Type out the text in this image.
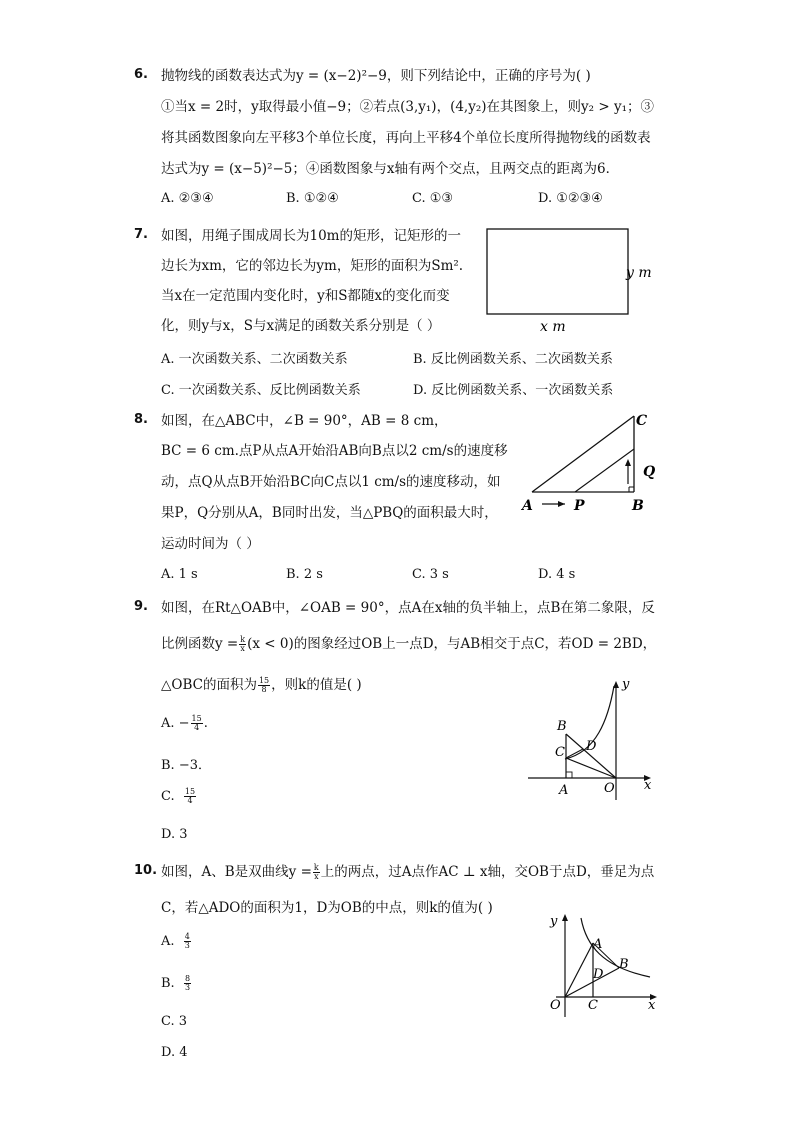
6. 抛物线的函数表达式为y = (x−2)²−9，则下列结论中，正确的序号为( )
①当x = 2时，y取得最小值−9；②若点(3,y₁)，(4,y₂)在其图象上，则y₂ > y₁；③
将其函数图象向左平移3个单位长度，再向上平移4个单位长度所得抛物线的函数表
达式为y = (x−5)²−5；④函数图象与x轴有两个交点，且两交点的距离为6．
A. ②③④	B. ①②④	C. ①③	D. ①②③④
7. 如图，用绳子围成周长为10m的矩形，记矩形的一
边长为xm，它的邻边长为ym，矩形的面积为Sm².
当x在一定范围内变化时，y和S都随x的变化而变
化，则y与x，S与x满足的函数关系分别是（ ）
y m
x m
A. 一次函数关系、二次函数关系	B. 反比例函数关系、二次函数关系
C. 一次函数关系、反比例函数关系	D. 反比例函数关系、一次函数关系
8. 如图，在△ABC中，∠B = 90°，AB = 8 cm，
BC = 6 cm.点P从点A开始沿AB向B点以2 cm/s的速度移
动，点Q从点B开始沿BC向C点以1 cm/s的速度移动，如
果P，Q分别从A，B同时出发，当△PBQ的面积最大时，
运动时间为（ ）
A	P	B
C
Q
A. 1 s	B. 2 s	C. 3 s	D. 4 s
9. 如图，在Rt△OAB中，∠OAB = 90°，点A在x轴的负半轴上，点B在第二象限，反
比例函数$y = \frac{k}{x} (x < 0)$的图象经过OB上一点D，与AB相交于点C，若OD = 2BD，
△OBC的面积为 $\frac{15}{8}$ ，则k的值是( )
A. − $\frac{15}{4}$ .
B. −3．
C. $\frac{15}{4}$
D. 3
y
x
B
C D
A	O
10. 如图，A、B是双曲线$y = \frac{k}{x}$ 上的两点，过A点作AC ⊥ x轴，交OB于点D，垂足为点
C，若△ADO的面积为1，D为OB的中点，则k的值为( )
A. $\frac{4}{3}$
B. $\frac{8}{3}$
C. 3
D. 4
y
x
A
B
D
O C
